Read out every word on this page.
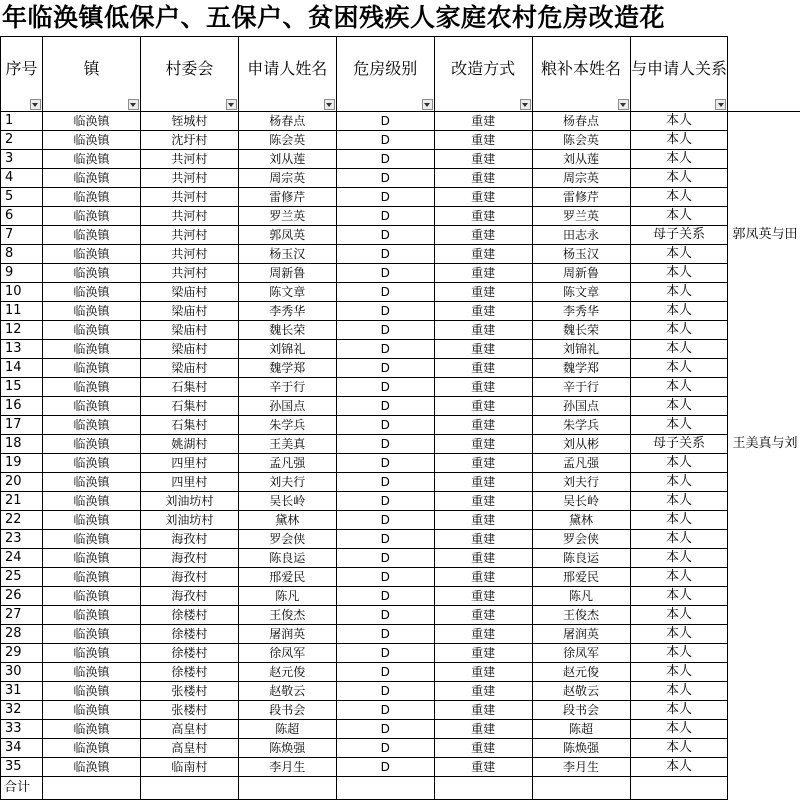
年临涣镇低保户、五保户、贫困残疾人家庭农村危房改造花
序号	镇	村委会	申请人姓名	危房级别	改造方式	粮补本姓名	与申请人关系	

1	临涣镇	铚城村	杨春点	D	重建	杨春点	本人	
2	临涣镇	沈圩村	陈会英	D	重建	陈会英	本人	
3	临涣镇	共河村	刘从莲	D	重建	刘从莲	本人	
4	临涣镇	共河村	周宗英	D	重建	周宗英	本人	
5	临涣镇	共河村	雷修芹	D	重建	雷修芹	本人	
6	临涣镇	共河村	罗兰英	D	重建	罗兰英	本人	
7	临涣镇	共河村	郭凤英	D	重建	田志永	母子关系	郭凤英与田
8	临涣镇	共河村	杨玉汉	D	重建	杨玉汉	本人	
9	临涣镇	共河村	周新鲁	D	重建	周新鲁	本人	
10	临涣镇	梁庙村	陈文章	D	重建	陈文章	本人	
11	临涣镇	梁庙村	李秀华	D	重建	李秀华	本人	
12	临涣镇	梁庙村	魏长荣	D	重建	魏长荣	本人	
13	临涣镇	梁庙村	刘锦礼	D	重建	刘锦礼	本人	
14	临涣镇	梁庙村	魏学郑	D	重建	魏学郑	本人	
15	临涣镇	石集村	辛于行	D	重建	辛于行	本人	
16	临涣镇	石集村	孙国点	D	重建	孙国点	本人	
17	临涣镇	石集村	朱学兵	D	重建	朱学兵	本人	
18	临涣镇	姚湖村	王美真	D	重建	刘从彬	母子关系	王美真与刘
19	临涣镇	四里村	孟凡强	D	重建	孟凡强	本人	
20	临涣镇	四里村	刘夫行	D	重建	刘夫行	本人	
21	临涣镇	刘油坊村	吴长岭	D	重建	吴长岭	本人	
22	临涣镇	刘油坊村	黛林	D	重建	黛林	本人	
23	临涣镇	海孜村	罗会侠	D	重建	罗会侠	本人	
24	临涣镇	海孜村	陈良运	D	重建	陈良运	本人	
25	临涣镇	海孜村	邢爱民	D	重建	邢爱民	本人	
26	临涣镇	海孜村	陈凡	D	重建	陈凡	本人	
27	临涣镇	徐楼村	王俊杰	D	重建	王俊杰	本人	
28	临涣镇	徐楼村	屠润英	D	重建	屠润英	本人	
29	临涣镇	徐楼村	徐凤军	D	重建	徐凤军	本人	
30	临涣镇	徐楼村	赵元俊	D	重建	赵元俊	本人	
31	临涣镇	张楼村	赵敬云	D	重建	赵敬云	本人	
32	临涣镇	张楼村	段书会	D	重建	段书会	本人	
33	临涣镇	高皇村	陈超	D	重建	陈超	本人	
34	临涣镇	高皇村	陈焕强	D	重建	陈焕强	本人	
35	临涣镇	临南村	李月生	D	重建	李月生	本人	
合计								
